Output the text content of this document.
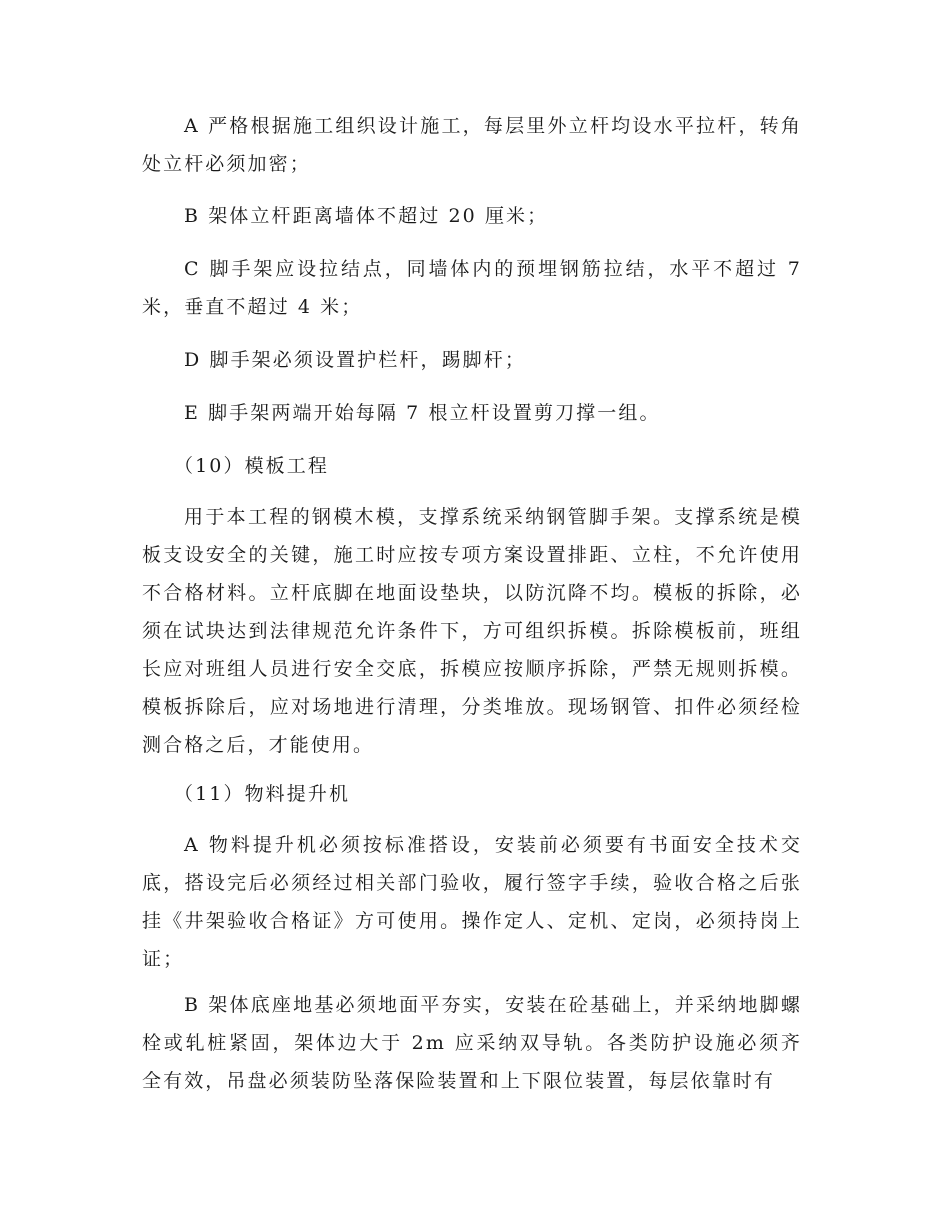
A 严格根据施工组织设计施工，每层里外立杆均设水平拉杆，转角处立杆必须加密；

B 架体立杆距离墙体不超过 20 厘米；

C 脚手架应设拉结点，同墙体内的预埋钢筋拉结，水平不超过 7 米，垂直不超过 4 米；

D 脚手架必须设置护栏杆，踢脚杆；

E 脚手架两端开始每隔 7 根立杆设置剪刀撑一组。

（10）模板工程

用于本工程的钢模木模，支撑系统采纳钢管脚手架。支撑系统是模板支设安全的关键，施工时应按专项方案设置排距、立柱，不允许使用不合格材料。立杆底脚在地面设垫块，以防沉降不均。模板的拆除，必须在试块达到法律规范允许条件下，方可组织拆模。拆除模板前，班组长应对班组人员进行安全交底，拆模应按顺序拆除，严禁无规则拆模。模板拆除后，应对场地进行清理，分类堆放。现场钢管、扣件必须经检测合格之后，才能使用。

（11）物料提升机

A 物料提升机必须按标准搭设，安装前必须要有书面安全技术交底，搭设完后必须经过相关部门验收，履行签字手续，验收合格之后张挂《井架验收合格证》方可使用。操作定人、定机、定岗，必须持岗上证；

B 架体底座地基必须地面平夯实，安装在砼基础上，并采纳地脚螺栓或轧桩紧固，架体边大于 2m 应采纳双导轨。各类防护设施必须齐全有效，吊盘必须装防坠落保险装置和上下限位装置，每层依靠时有
